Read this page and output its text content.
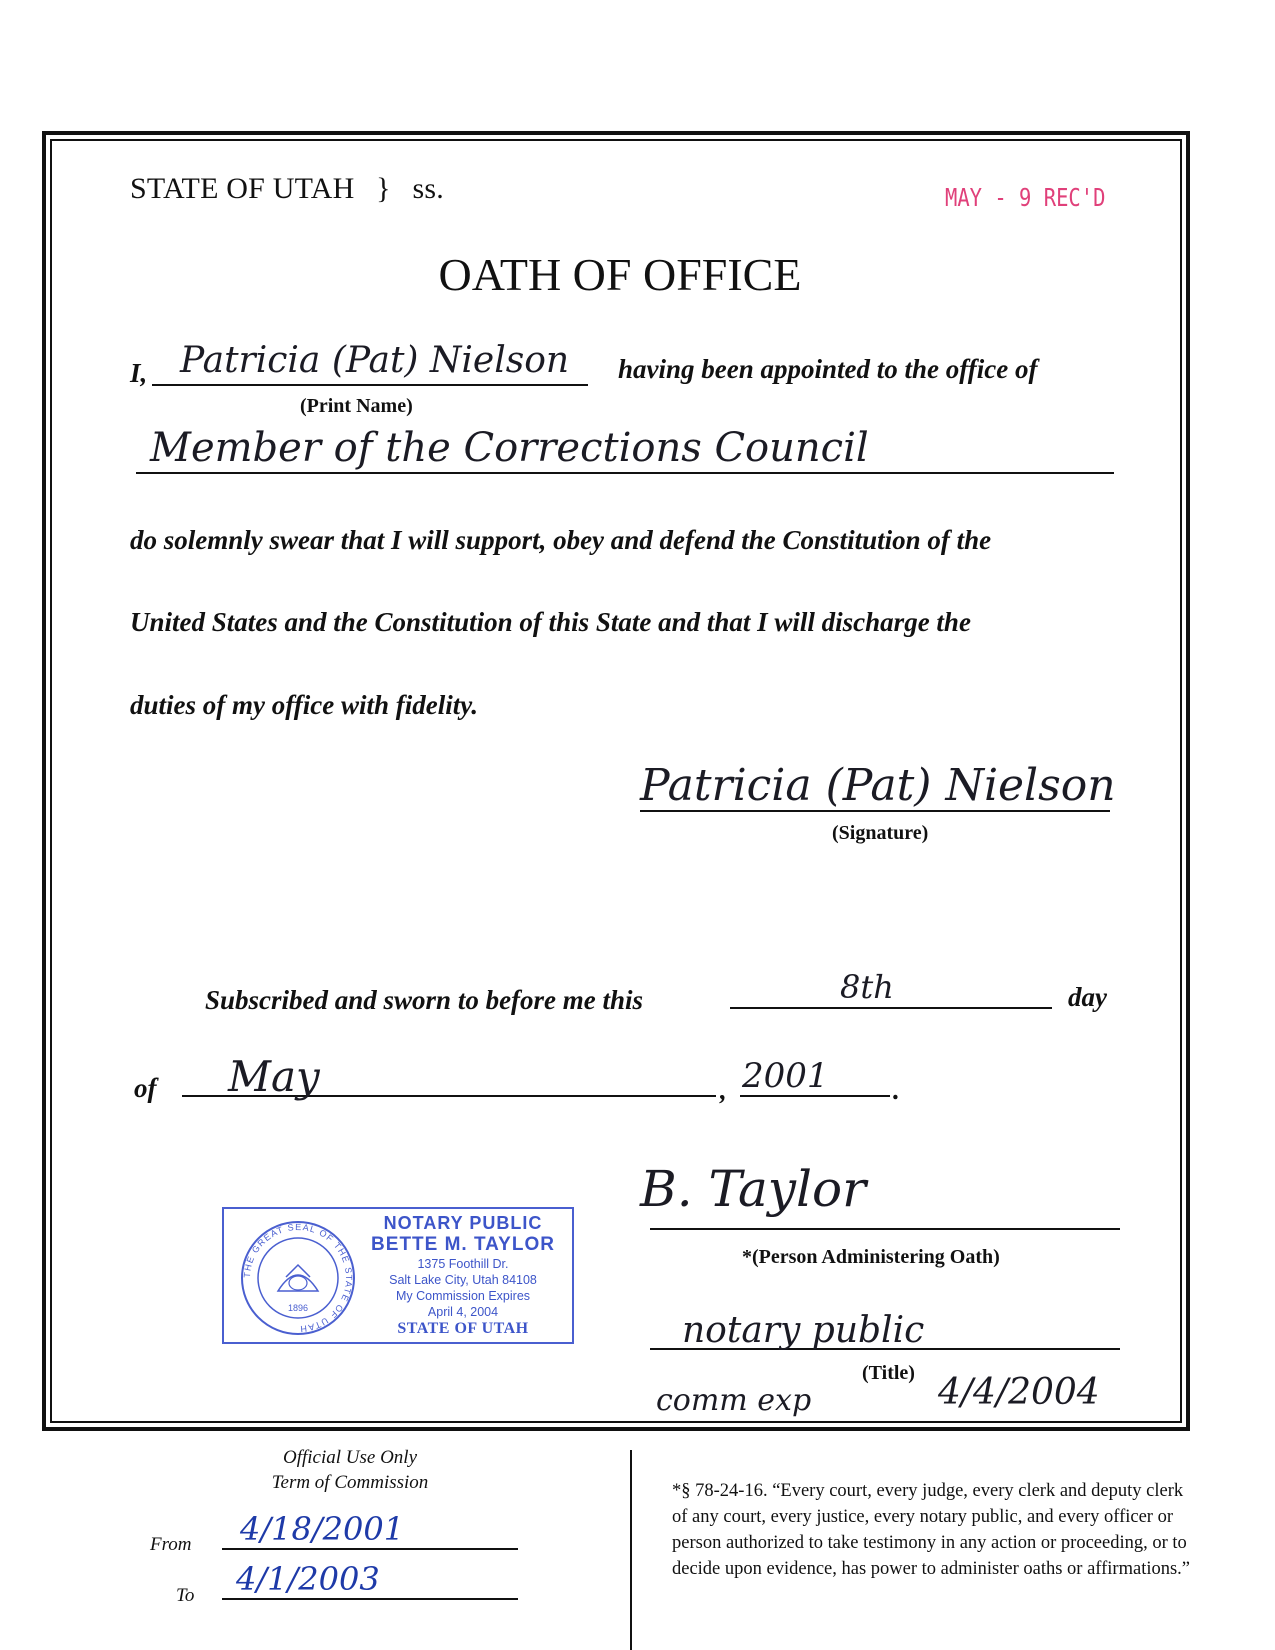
STATE OF UTAH } ss.	MAY - 9 REC'D
OATH OF OFFICE
I, Patricia (Pat) Nielson having been appointed to the office of
(Print Name)
Member of the Corrections Council
do solemnly swear that I will support, obey and defend the Constitution of the
United States and the Constitution of this State and that I will discharge the
duties of my office with fidelity.
Patricia (Pat) Nielson
(Signature)
Subscribed and sworn to before me this	8th	day
of May	, 2001 .
THE GREAT SEAL OF THE STATE OF UTAH
1896
NOTARY PUBLIC
BETTE M. TAYLOR
1375 Foothill Dr.
Salt Lake City, Utah 84108
My Commission Expires
April 4, 2004
STATE OF UTAH
B. Taylor
*(Person Administering Oath)
notary public
(Title)
comm exp	4/4/2004
Official Use Only
Term of Commission
From 4/18/2001
To 4/1/2003
*§ 78-24-16. “Every court, every judge, every clerk and deputy clerk of any court, every justice, every notary public, and every officer or person authorized to take testimony in any action or proceeding, or to decide upon evidence, has power to administer oaths or affirmations.”
